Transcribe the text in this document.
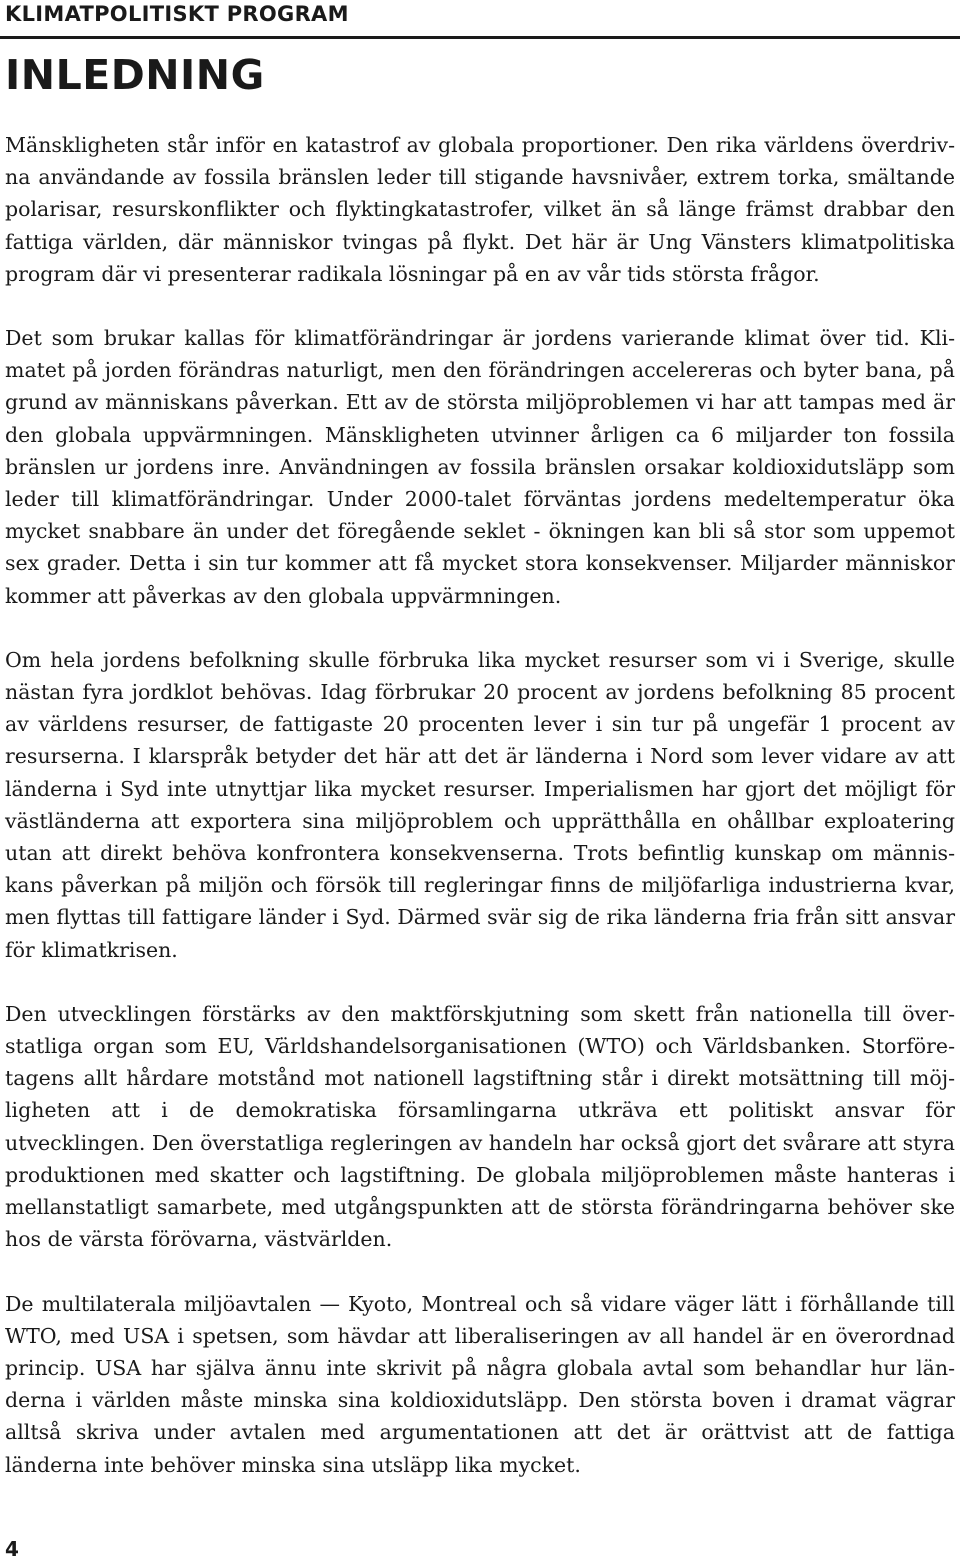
KLIMATPOLITISKT PROGRAM
INLEDNING

Mänskligheten står inför en katastrof av globala proportioner. Den rika världens överdrivna användande av fossila bränslen leder till stigande havsnivåer, extrem torka, smältande polarisar, resurskonflikter och flyktingkatastrofer, vilket än så länge främst drabbar den fattiga världen, där människor tvingas på flykt. Det här är Ung Vänsters klimatpolitiska program där vi presenterar radikala lösningar på en av vår tids största frågor.

Det som brukar kallas för klimatförändringar är jordens varierande klimat över tid. Klimatet på jorden förändras naturligt, men den förändringen accelereras och byter bana, på grund av människans påverkan. Ett av de största miljöproblemen vi har att tampas med är den globala uppvärmningen. Mänskligheten utvinner årligen ca 6 miljarder ton fossila bränslen ur jordens inre. Användningen av fossila bränslen orsakar koldioxidutsläpp som leder till klimatförändringar. Under 2000-talet förväntas jordens medeltemperatur öka mycket snabbare än under det föregående seklet - ökningen kan bli så stor som uppemot sex grader. Detta i sin tur kommer att få mycket stora konsekvenser. Miljarder människor kommer att påverkas av den globala uppvärmningen.

Om hela jordens befolkning skulle förbruka lika mycket resurser som vi i Sverige, skulle nästan fyra jordklot behövas. Idag förbrukar 20 procent av jordens befolkning 85 procent av världens resurser, de fattigaste 20 procenten lever i sin tur på ungefär 1 procent av resurserna. I klarspråk betyder det här att det är länderna i Nord som lever vidare av att länderna i Syd inte utnyttjar lika mycket resurser. Imperialismen har gjort det möjligt för västländerna att exportera sina miljöproblem och upprätthålla en ohållbar exploatering utan att direkt behöva konfrontera konsekvenserna. Trots befintlig kunskap om människans påverkan på miljön och försök till regleringar finns de miljöfarliga industrierna kvar, men flyttas till fattigare länder i Syd. Därmed svär sig de rika länderna fria från sitt ansvar för klimatkrisen.

Den utvecklingen förstärks av den maktförskjutning som skett från nationella till överstatliga organ som EU, Världshandelsorganisationen (WTO) och Världsbanken. Storföretagens allt hårdare motstånd mot nationell lagstiftning står i direkt motsättning till möjligheten att i de demokratiska församlingarna utkräva ett politiskt ansvar för utvecklingen. Den överstatliga regleringen av handeln har också gjort det svårare att styra produktionen med skatter och lagstiftning. De globala miljöproblemen måste hanteras i mellanstatligt samarbete, med utgångspunkten att de största förändringarna behöver ske hos de värsta förövarna, västvärlden.

De multilaterala miljöavtalen — Kyoto, Montreal och så vidare väger lätt i förhållande till WTO, med USA i spetsen, som hävdar att liberaliseringen av all handel är en överordnad princip. USA har själva ännu inte skrivit på några globala avtal som behandlar hur länderna i världen måste minska sina koldioxidutsläpp. Den största boven i dramat vägrar alltså skriva under avtalen med argumentationen att det är orättvist att de fattiga länderna inte behöver minska sina utsläpp lika mycket.

4
